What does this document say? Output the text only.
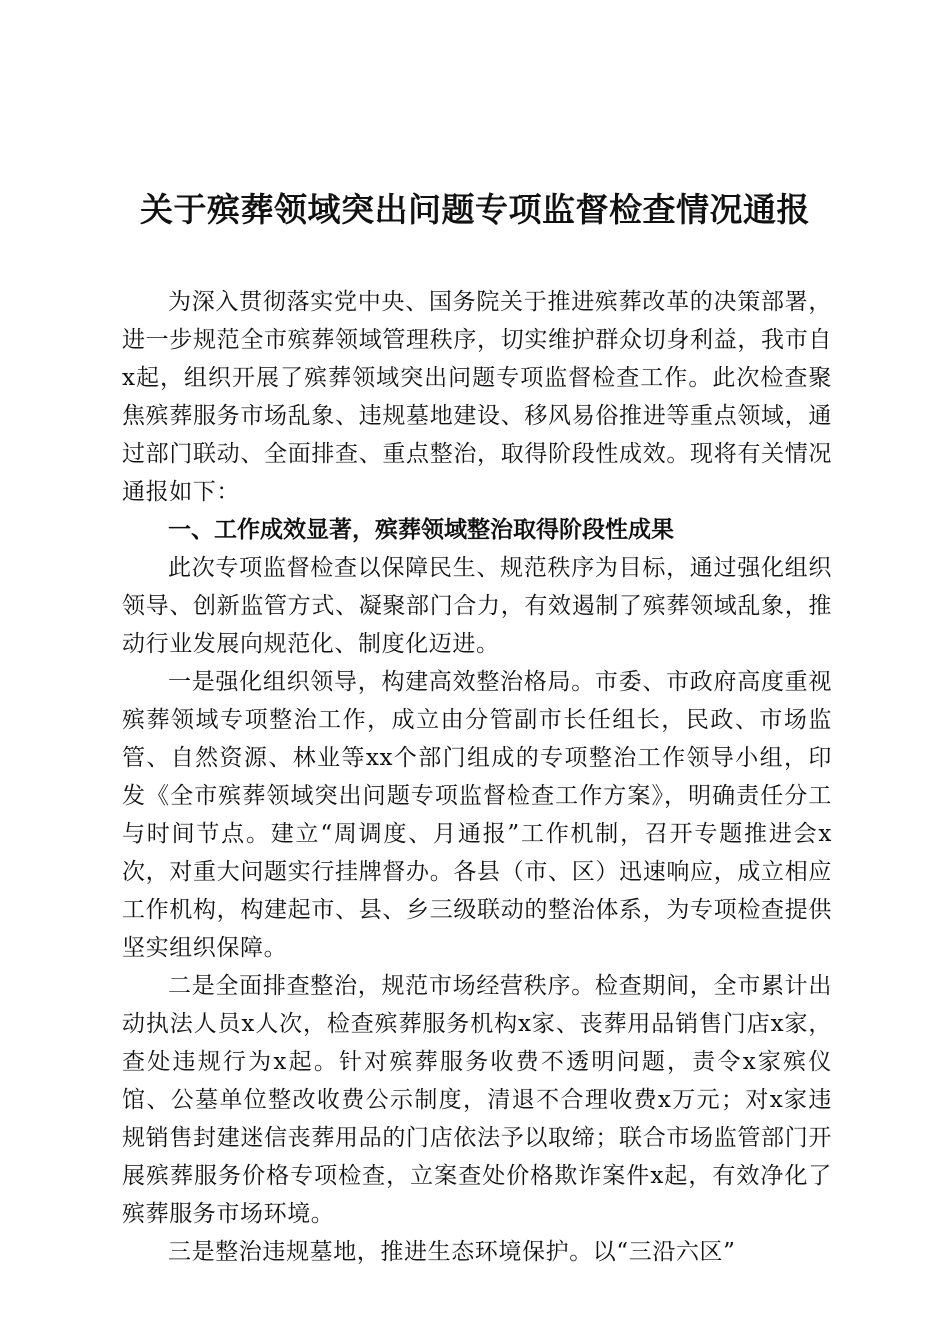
关于殡葬领域突出问题专项监督检查情况通报

为深入贯彻落实党中央、国务院关于推进殡葬改革的决策部署，进一步规范全市殡葬领域管理秩序，切实维护群众切身利益，我市自x起，组织开展了殡葬领域突出问题专项监督检查工作。此次检查聚焦殡葬服务市场乱象、违规墓地建设、移风易俗推进等重点领域，通过部门联动、全面排查、重点整治，取得阶段性成效。现将有关情况通报如下：

一、工作成效显著，殡葬领域整治取得阶段性成果

此次专项监督检查以保障民生、规范秩序为目标，通过强化组织领导、创新监管方式、凝聚部门合力，有效遏制了殡葬领域乱象，推动行业发展向规范化、制度化迈进。

一是强化组织领导，构建高效整治格局。市委、市政府高度重视殡葬领域专项整治工作，成立由分管副市长任组长，民政、市场监管、自然资源、林业等xx个部门组成的专项整治工作领导小组，印发《全市殡葬领域突出问题专项监督检查工作方案》，明确责任分工与时间节点。建立“周调度、月通报”工作机制，召开专题推进会x次，对重大问题实行挂牌督办。各县（市、区）迅速响应，成立相应工作机构，构建起市、县、乡三级联动的整治体系，为专项检查提供坚实组织保障。

二是全面排查整治，规范市场经营秩序。检查期间，全市累计出动执法人员x人次，检查殡葬服务机构x家、丧葬用品销售门店x家，查处违规行为x起。针对殡葬服务收费不透明问题，责令x家殡仪馆、公墓单位整改收费公示制度，清退不合理收费x万元；对x家违规销售封建迷信丧葬用品的门店依法予以取缔；联合市场监管部门开展殡葬服务价格专项检查，立案查处价格欺诈案件x起，有效净化了殡葬服务市场环境。

三是整治违规墓地，推进生态环境保护。以“三沿六区”
